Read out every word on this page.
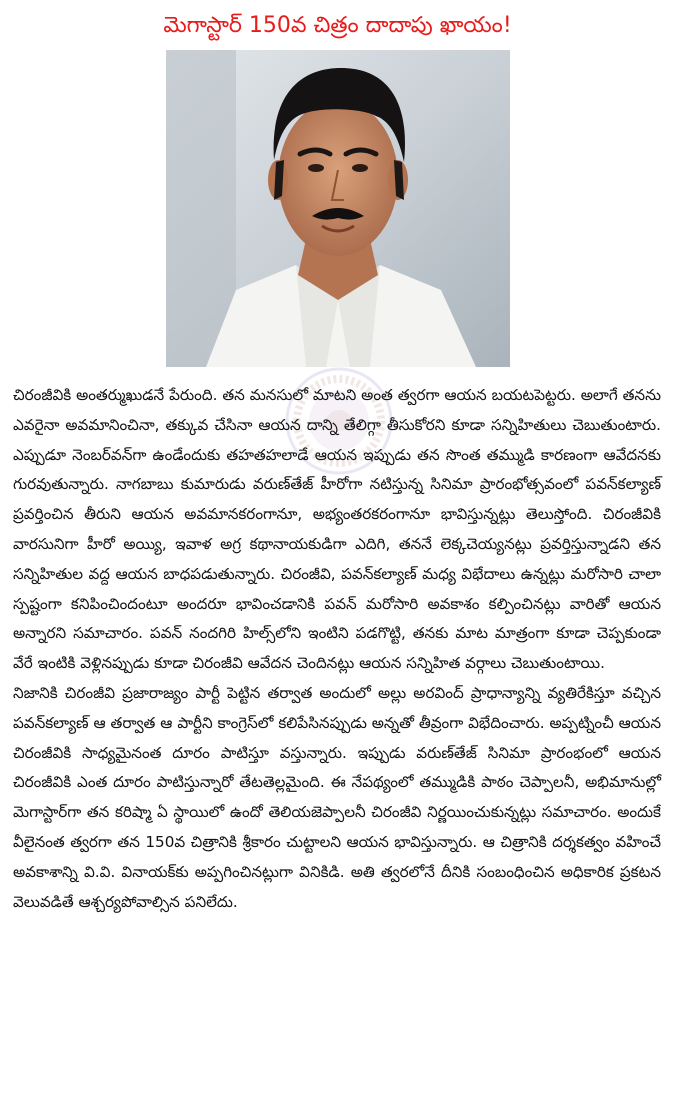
మెగాస్టార్ 150వ చిత్రం దాదాపు ఖాయం!

చిరంజీవికి అంతర్ముఖుడనే పేరుంది. తన మనసులో మాటని అంత త్వరగా ఆయన బయటపెట్టరు. అలాగే తనను ఎవరైనా అవమానించినా, తక్కువ చేసినా ఆయన దాన్ని తేలిగ్గా తీసుకోరని కూడా సన్నిహితులు చెబుతుంటారు. ఎప్పుడూ నెంబర్‌వన్‌గా ఉండేందుకు తహతహలాడే ఆయన ఇప్పుడు తన సొంత తమ్ముడి కారణంగా ఆవేదనకు గురవుతున్నారు. నాగబాబు కుమారుడు వరుణ్‌తేజ్ హీరోగా నటిస్తున్న సినిమా ప్రారంభోత్సవంలో పవన్‌కల్యాణ్ ప్రవర్తించిన తీరుని ఆయన అవమానకరంగానూ, అభ్యంతరకరంగానూ భావిస్తున్నట్లు తెలుస్తోంది. చిరంజీవికి వారసునిగా హీరో అయ్యి, ఇవాళ అగ్ర కథానాయకుడిగా ఎదిగి, తననే లెక్కచెయ్యనట్లు ప్రవర్తిస్తున్నాడని తన సన్నిహితుల వద్ద ఆయన బాధపడుతున్నారు. చిరంజీవి, పవన్‌కల్యాణ్ మధ్య విభేదాలు ఉన్నట్లు మరోసారి చాలా స్పష్టంగా కనిపించిందంటూ అందరూ భావించడానికి పవన్ మరోసారి అవకాశం కల్పించినట్లు వారితో ఆయన అన్నారని సమాచారం. పవన్ నందగిరి హిల్స్‌లోని ఇంటిని పడగొట్టి, తనకు మాట మాత్రంగా కూడా చెప్పకుండా వేరే ఇంటికి వెళ్లినప్పుడు కూడా చిరంజీవి ఆవేదన చెందినట్లు ఆయన సన్నిహిత వర్గాలు చెబుతుంటాయి.

నిజానికి చిరంజీవి ప్రజారాజ్యం పార్టీ పెట్టిన తర్వాత అందులో అల్లు అరవింద్ ప్రాధాన్యాన్ని వ్యతిరేకిస్తూ వచ్చిన పవన్‌కల్యాణ్ ఆ తర్వాత ఆ పార్టీని కాంగ్రెస్‌లో కలిపేసినప్పుడు అన్నతో తీవ్రంగా విభేదించారు. అప్పట్నించీ ఆయన చిరంజీవికి సాధ్యమైనంత దూరం పాటిస్తూ వస్తున్నారు. ఇప్పుడు వరుణ్‌తేజ్ సినిమా ప్రారంభంలో ఆయన చిరంజీవికి ఎంత దూరం పాటిస్తున్నారో తేటతెల్లమైంది. ఈ నేపథ్యంలో తమ్ముడికి పాఠం చెప్పాలనీ, అభిమానుల్లో మెగాస్టార్‌గా తన కరిష్మా ఏ స్థాయిలో ఉందో తెలియజెప్పాలనీ చిరంజీవి నిర్ణయించుకున్నట్లు సమాచారం. అందుకే వీలైనంత త్వరగా తన 150వ చిత్రానికి శ్రీకారం చుట్టాలని ఆయన భావిస్తున్నారు. ఆ చిత్రానికి దర్శకత్వం వహించే అవకాశాన్ని వి.వి. వినాయక్‌కు అప్పగించినట్లుగా వినికిడి. అతి త్వరలోనే దీనికి సంబంధించిన అధికారిక ప్రకటన వెలువడితే ఆశ్చర్యపోవాల్సిన పనిలేదు.
